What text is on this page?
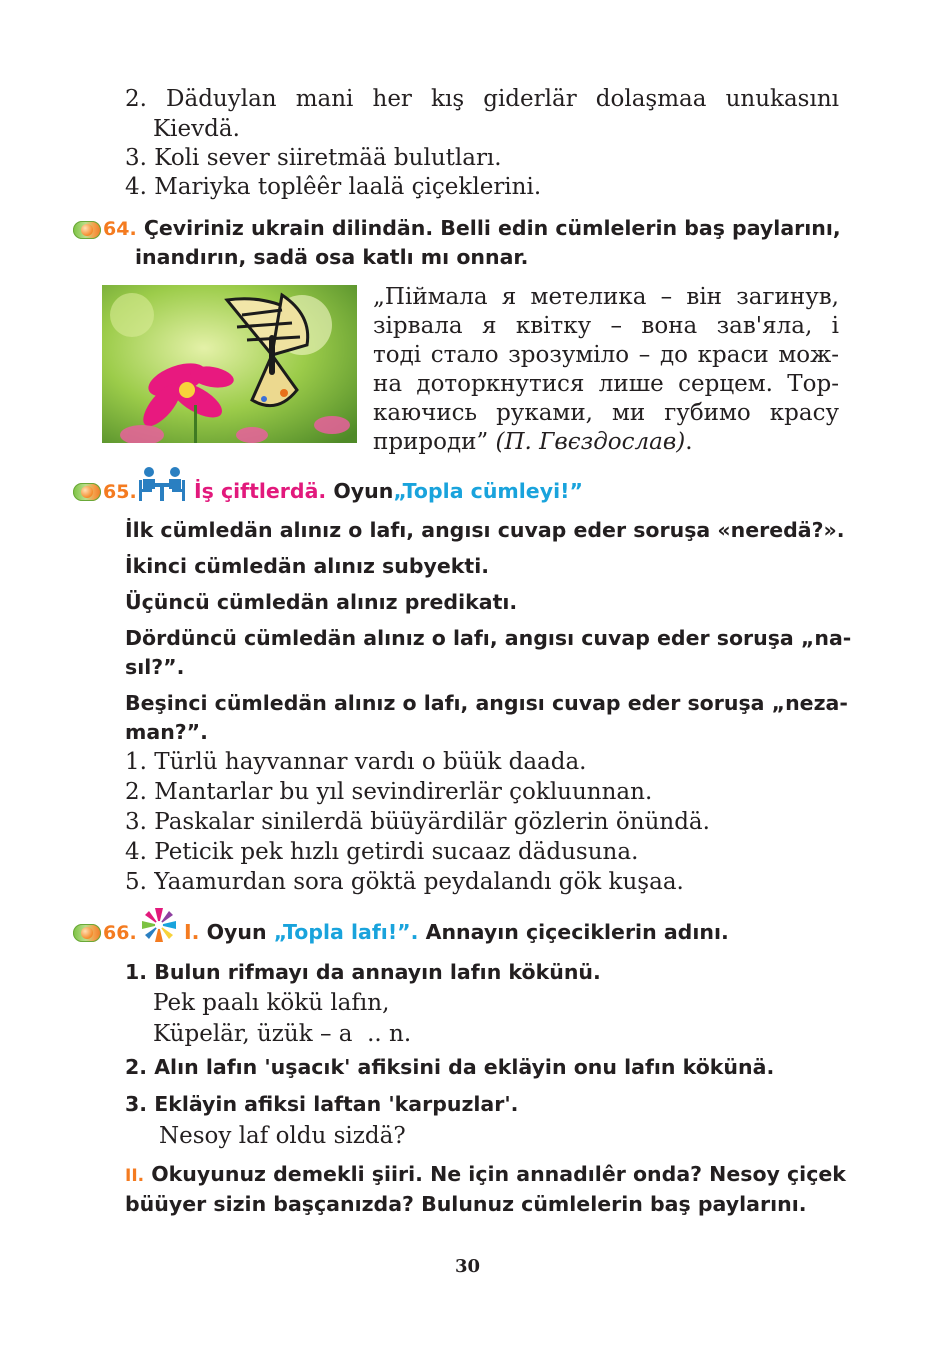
2. Däduylan mani her kış giderlär dolaşmaa unukasını
Kievdä.
3. Koli sever siiretmää bulutları.
4. Mariyka toplêêr laalä çiçeklerini.
64. Çeviriniz ukrain dilindän. Belli edin cümlelerin baş paylarını,
inandırın, sadä osa katlı mı onnar.
„Піймала я метелика – він загинув,
зірвала я квітку – вона зав'яла, і
тоді стало зрозуміло – до краси мож-
на доторкнутися лише серцем. Тор-
каючись руками, ми губимо красу
природи” (П. Гвєздослав).
65.	İş çiftlerdä. Oyun„Topla cümleyi!”
İlk cümledän alınız o lafı, angısı cuvap eder soruşa «neredä?».
İkinci cümledän alınız subyekti.
Üçüncü cümledän alınız predikatı.
Dördüncü cümledän alınız o lafı, angısı cuvap eder soruşa „na-
sıl?”.
Beşinci cümledän alınız o lafı, angısı cuvap eder soruşa „neza-
man?”.
1. Türlü hayvannar vardı o büük daada.
2. Mantarlar bu yıl sevindirerlär çokluunnan.
3. Paskalar sinilerdä büüyärdilär gözlerin önündä.
4. Peticik pek hızlı getirdi sucaaz dädusuna.
5. Yaamurdan sora göktä peydalandı gök kuşaa.
66. I. Oyun „Topla lafı!”. Annayın çiçeciklerin adını.
1. Bulun rifmayı da annayın lafın kökünü.
Pek paalı kökü lafın,
Küpelär, üzük – a  .. n.
2. Alın lafın 'uşacık' afiksini da ekläyin onu lafın kökünä.
3. Ekläyin afiksi laftan 'karpuzlar'.
Nesoy laf oldu sizdä?
II. Okuyunuz demekli şiiri. Ne için annadılêr onda? Nesoy çiçek
büüyer sizin başçanızda? Bulunuz cümlelerin baş paylarını.
30
